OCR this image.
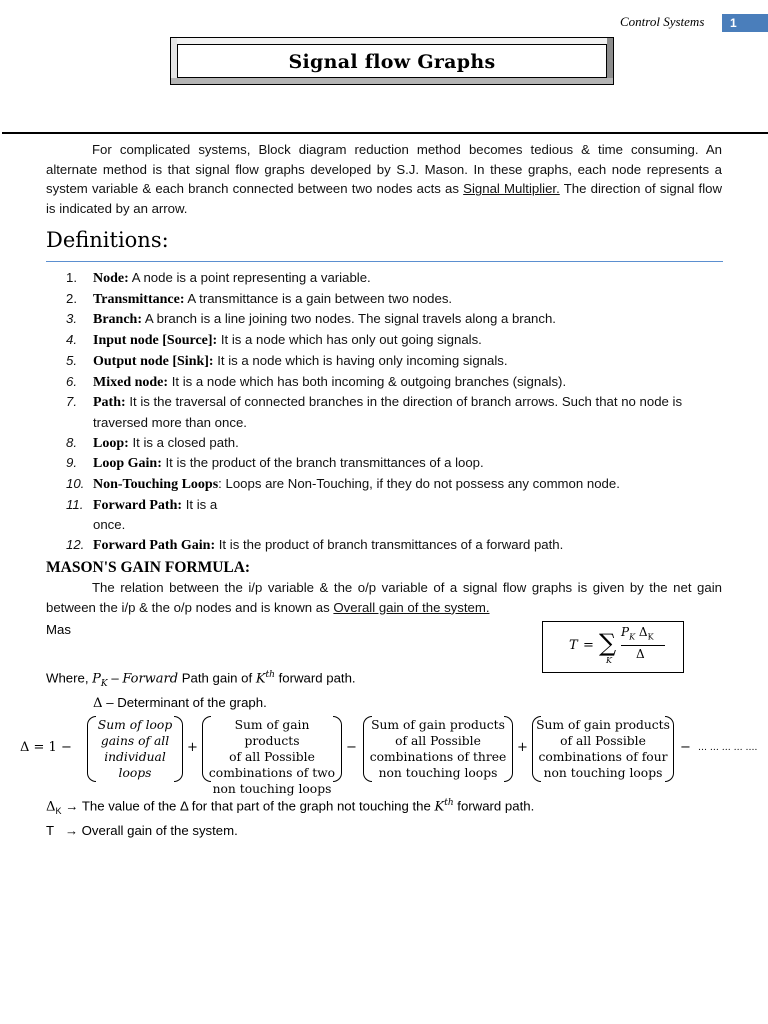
Control Systems	1
Signal flow Graphs
For complicated systems, Block diagram reduction method becomes tedious & time consuming. An alternate method is that signal flow graphs developed by S.J. Mason. In these graphs, each node represents a system variable & each branch connected between two nodes acts as Signal Multiplier. The direction of signal flow is indicated by an arrow.
Definitions:
1.	Node: A node is a point representing a variable.
2.	Transmittance: A transmittance is a gain between two nodes.
3.	Branch: A branch is a line joining two nodes. The signal travels along a branch.
4.	Input node [Source]: It is a node which has only out going signals.
5.	Output node [Sink]: It is a node which is having only incoming signals.
6.	Mixed node: It is a node which has both incoming & outgoing branches (signals).
7.	Path: It is the traversal of connected branches in the direction of branch arrows. Such that no node is traversed more than once.
8.	Loop: It is a closed path.
9.	Loop Gain: It is the product of the branch transmittances of a loop.
10. Non-Touching Loops: Loops are Non-Touching, if they do not possess any common node.
11. Forward Path: It is a
once.
12. Forward Path Gain: It is the product of branch transmittances of a forward path.
MASON'S GAIN FORMULA:
The relation between the i/p variable & the o/p variable of a signal flow graphs is given by the net gain between the i/p & the o/p nodes and is known as Overall gain of the system.
Mas
T = ∑
K
$P_K$ $\Delta_K$
Δ
Where, $P_K$ – Forward Path gain of $K^{th}$ forward path.
Δ – Determinant of the graph.
Δ = 1 −
Sum of loop
gains of all
individual
loops
+
Sum of gain products
of all Possible
combinations of two
non touching loops
−
Sum of gain products
of all Possible
combinations of three
non touching loops
+
Sum of gain products
of all Possible
combinations of four
non touching loops
− … … … … ….
$\Delta_K$ → The value of the Δ for that part of the graph not touching the $K^{th}$ forward path.
T   → Overall gain of the system.
